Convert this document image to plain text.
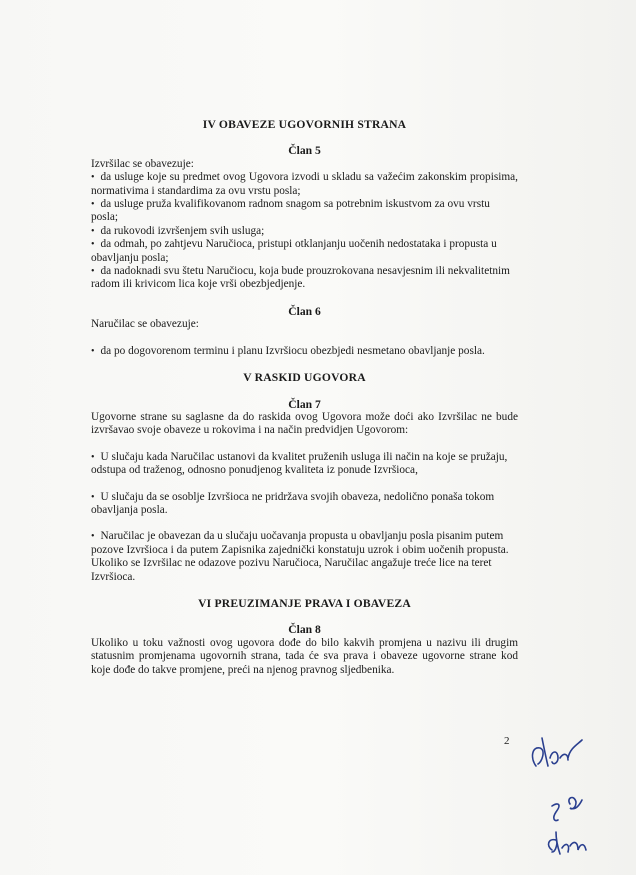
IV OBAVEZE UGOVORNIH STRANA

Član 5

Izvršilac se obavezuje:

• da usluge koje su predmet ovog Ugovora izvodi u skladu sa važećim zakonskim propisima, normativima i standardima za ovu vrstu posla;
• da usluge pruža kvalifikovanom radnom snagom sa potrebnim iskustvom za ovu vrstu posla;
• da rukovodi izvršenjem svih usluga;
• da odmah, po zahtjevu Naručioca, pristupi otklanjanju uočenih nedostataka i propusta u obavljanju posla;
• da nadoknadi svu štetu Naručiocu, koja bude prouzrokovana nesavjesnim ili nekvalitetnim radom ili krivicom lica koje vrši obezbjedjenje.

Član 6

Naručilac se obavezuje:

• da po dogovorenom terminu i planu Izvršiocu obezbjedi nesmetano obavljanje posla.

V RASKID UGOVORA

Član 7

Ugovorne strane su saglasne da do raskida ovog Ugovora može doći ako Izvršilac ne bude izvršavao svoje obaveze u rokovima i na način predvidjen Ugovorom:

• U slučaju kada Naručilac ustanovi da kvalitet pruženih usluga ili način na koje se pružaju, odstupa od traženog, odnosno ponudjenog kvaliteta iz ponude Izvršioca,
• U slučaju da se osoblje Izvršioca ne pridržava svojih obaveza, nedolično ponaša tokom obavljanja posla.
• Naručilac je obavezan da u slučaju uočavanja propusta u obavljanju posla pisanim putem pozove Izvršioca i da putem Zapisnika zajednički konstatuju uzrok i obim uočenih propusta. Ukoliko se Izvršilac ne odazove pozivu Naručioca, Naručilac angažuje treće lice na teret Izvršioca.

VI PREUZIMANJE PRAVA I OBAVEZA

Član 8

Ukoliko u toku važnosti ovog ugovora dođe do bilo kakvih promjena u nazivu ili drugim statusnim promjenama ugovornih strana, tada će sva prava i obaveze ugovorne strane kod koje dođe do takve promjene, preći na njenog pravnog sljedbenika.

2
